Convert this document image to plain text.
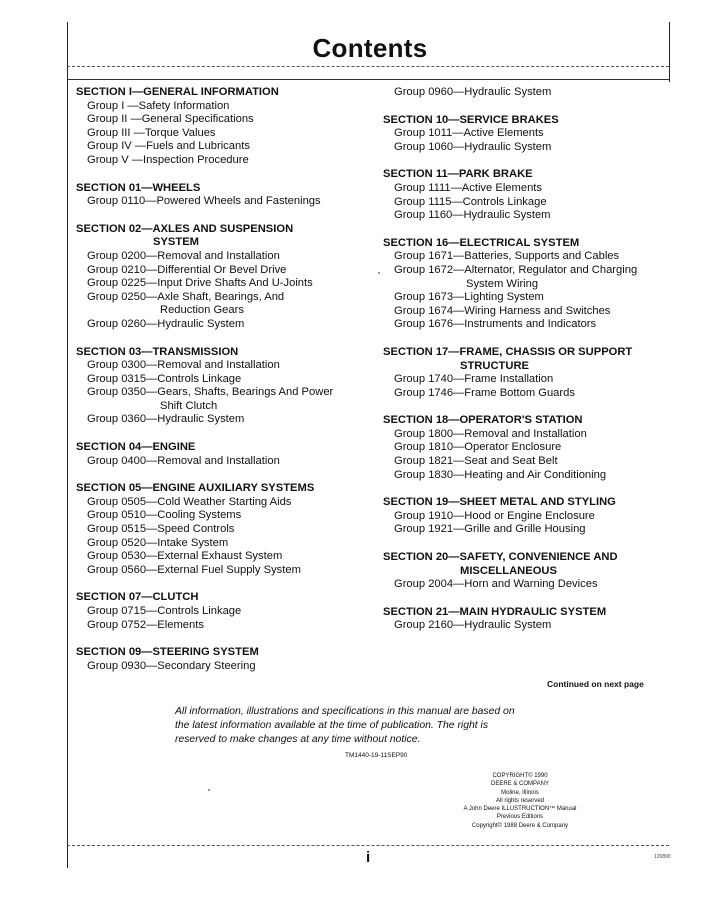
Contents
SECTION I—GENERAL INFORMATION
Group I —Safety Information
Group II —General Specifications
Group III —Torque Values
Group IV —Fuels and Lubricants
Group V —Inspection Procedure
SECTION 01—WHEELS
Group 0110—Powered Wheels and Fastenings
SECTION 02—AXLES AND SUSPENSION
SYSTEM
Group 0200—Removal and Installation
Group 0210—Differential Or Bevel Drive
Group 0225—Input Drive Shafts And U-Joints
Group 0250—Axle Shaft, Bearings, And
Reduction Gears
Group 0260—Hydraulic System
SECTION 03—TRANSMISSION
Group 0300—Removal and Installation
Group 0315—Controls Linkage
Group 0350—Gears, Shafts, Bearings And Power
Shift Clutch
Group 0360—Hydraulic System
SECTION 04—ENGINE
Group 0400—Removal and Installation
SECTION 05—ENGINE AUXILIARY SYSTEMS
Group 0505—Cold Weather Starting Aids
Group 0510—Cooling Systems
Group 0515—Speed Controls
Group 0520—Intake System
Group 0530—External Exhaust System
Group 0560—External Fuel Supply System
SECTION 07—CLUTCH
Group 0715—Controls Linkage
Group 0752—Elements
SECTION 09—STEERING SYSTEM
Group 0930—Secondary Steering
Group 0960—Hydraulic System
SECTION 10—SERVICE BRAKES
Group 1011—Active Elements
Group 1060—Hydraulic System
SECTION 11—PARK BRAKE
Group 1111—Active Elements
Group 1115—Controls Linkage
Group 1160—Hydraulic System
SECTION 16—ELECTRICAL SYSTEM
Group 1671—Batteries, Supports and Cables
Group 1672—Alternator, Regulator and Charging
System Wiring
Group 1673—Lighting System
Group 1674—Wiring Harness and Switches
Group 1676—Instruments and Indicators
SECTION 17—FRAME, CHASSIS OR SUPPORT
STRUCTURE
Group 1740—Frame Installation
Group 1746—Frame Bottom Guards
SECTION 18—OPERATOR'S STATION
Group 1800—Removal and Installation
Group 1810—Operator Enclosure
Group 1821—Seat and Seat Belt
Group 1830—Heating and Air Conditioning
SECTION 19—SHEET METAL AND STYLING
Group 1910—Hood or Engine Enclosure
Group 1921—Grille and Grille Housing
SECTION 20—SAFETY, CONVENIENCE AND
MISCELLANEOUS
Group 2004—Horn and Warning Devices
SECTION 21—MAIN HYDRAULIC SYSTEM
Group 2160—Hydraulic System
Continued on next page
All information, illustrations and specifications in this manual are based on
the latest information available at the time of publication. The right is
reserved to make changes at any time without notice.
TM1440-19-11SEP90
COPYRIGHT© 1990
DEERE & COMPANY
Moline, Illinois
All rights reserved
A John Deere ILLUSTRUCTION™ Manual
Previous Editions
Copyright© 1988 Deere & Company
i	120890
